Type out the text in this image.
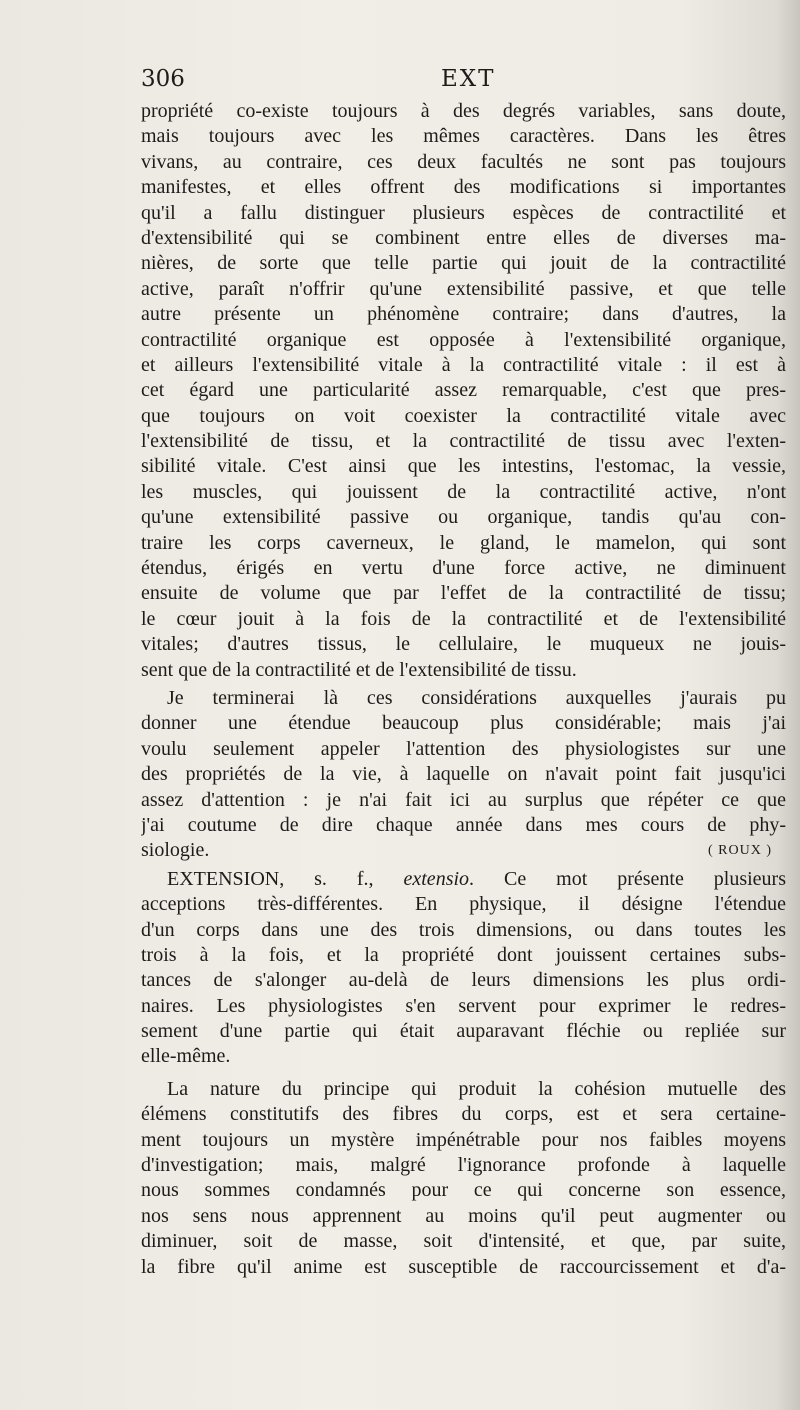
306	EXT
propriété co-existe toujours à des degrés variables, sans doute,
mais toujours avec les mêmes caractères. Dans les êtres
vivans, au contraire, ces deux facultés ne sont pas toujours
manifestes, et elles offrent des modifications si importantes
qu'il a fallu distinguer plusieurs espèces de contractilité et
d'extensibilité qui se combinent entre elles de diverses ma-
nières, de sorte que telle partie qui jouit de la contractilité
active, paraît n'offrir qu'une extensibilité passive, et que telle
autre présente un phénomène contraire; dans d'autres, la
contractilité organique est opposée à l'extensibilité organique,
et ailleurs l'extensibilité vitale à la contractilité vitale : il est à
cet égard une particularité assez remarquable, c'est que pres-
que toujours on voit coexister la contractilité vitale avec
l'extensibilité de tissu, et la contractilité de tissu avec l'exten-
sibilité vitale. C'est ainsi que les intestins, l'estomac, la vessie,
les muscles, qui jouissent de la contractilité active, n'ont
qu'une extensibilité passive ou organique, tandis qu'au con-
traire les corps caverneux, le gland, le mamelon, qui sont
étendus, érigés en vertu d'une force active, ne diminuent
ensuite de volume que par l'effet de la contractilité de tissu;
le cœur jouit à la fois de la contractilité et de l'extensibilité
vitales; d'autres tissus, le cellulaire, le muqueux ne jouis-
sent que de la contractilité et de l'extensibilité de tissu.
Je terminerai là ces considérations auxquelles j'aurais pu
donner une étendue beaucoup plus considérable; mais j'ai
voulu seulement appeler l'attention des physiologistes sur une
des propriétés de la vie, à laquelle on n'avait point fait jusqu'ici
assez d'attention : je n'ai fait ici au surplus que répéter ce que
j'ai coutume de dire chaque année dans mes cours de phy-
siologie.	( ROUX )
EXTENSION, s. f., extensio. Ce mot présente plusieurs
acceptions très-différentes. En physique, il désigne l'étendue
d'un corps dans une des trois dimensions, ou dans toutes les
trois à la fois, et la propriété dont jouissent certaines subs-
tances de s'alonger au-delà de leurs dimensions les plus ordi-
naires. Les physiologistes s'en servent pour exprimer le redres-
sement d'une partie qui était auparavant fléchie ou repliée sur
elle-même.
La nature du principe qui produit la cohésion mutuelle des
élémens constitutifs des fibres du corps, est et sera certaine-
ment toujours un mystère impénétrable pour nos faibles moyens
d'investigation; mais, malgré l'ignorance profonde à laquelle
nous sommes condamnés pour ce qui concerne son essence,
nos sens nous apprennent au moins qu'il peut augmenter ou
diminuer, soit de masse, soit d'intensité, et que, par suite,
la fibre qu'il anime est susceptible de raccourcissement et d'a-
